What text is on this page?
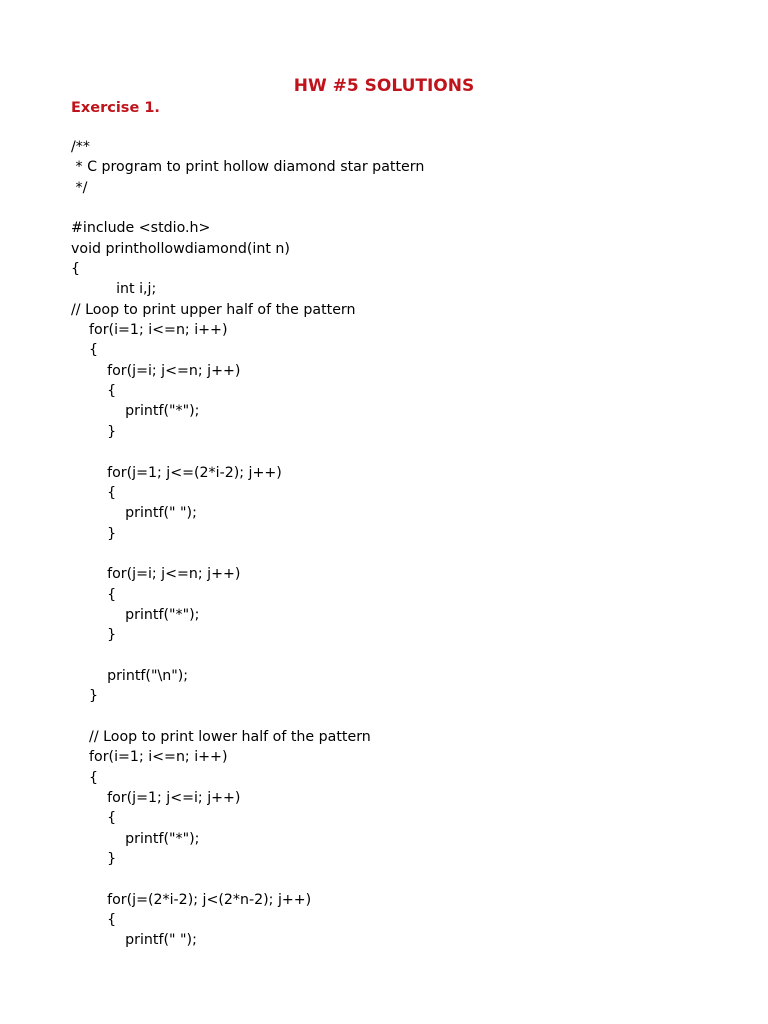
HW #5 SOLUTIONS
Exercise 1.
/**
* C program to print hollow diamond star pattern
*/
#include <stdio.h>
void printhollowdiamond(int n)
{
int i,j;
// Loop to print upper half of the pattern
for(i=1; i<=n; i++)
{
for(j=i; j<=n; j++)
{
printf("*");
}
for(j=1; j<=(2*i-2); j++)
{
printf(" ");
}
for(j=i; j<=n; j++)
{
printf("*");
}
printf("\n");
}
// Loop to print lower half of the pattern
for(i=1; i<=n; i++)
{
for(j=1; j<=i; j++)
{
printf("*");
}
for(j=(2*i-2); j<(2*n-2); j++)
{
printf(" ");
